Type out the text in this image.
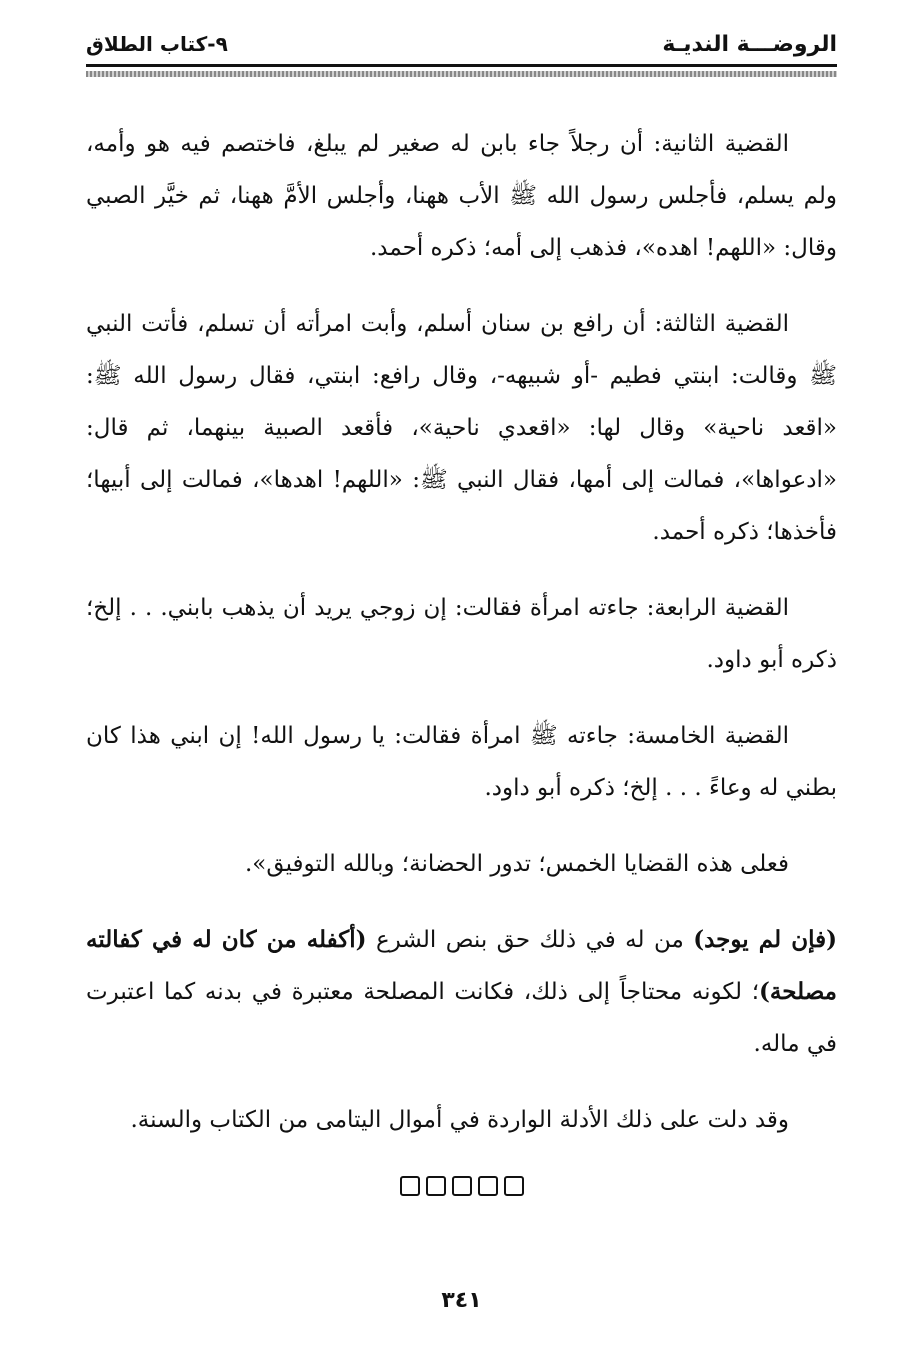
الروضـــة النديـة
٩-كتاب الطلاق

القضية الثانية: أن رجلاً جاء بابن له صغير لم يبلغ، فاختصم فيه هو وأمه، ولم يسلم، فأجلس رسول الله ﷺ الأب ههنا، وأجلس الأمَّ ههنا، ثم خيَّر الصبي وقال: «اللهم! اهده»، فذهب إلى أمه؛ ذكره أحمد.

القضية الثالثة: أن رافع بن سنان أسلم، وأبت امرأته أن تسلم، فأتت النبي ﷺ وقالت: ابنتي فطيم -أو شبيهه-، وقال رافع: ابنتي، فقال رسول الله ﷺ: «اقعد ناحية» وقال لها: «اقعدي ناحية»، فأقعد الصبية بينهما، ثم قال: «ادعواها»، فمالت إلى أمها، فقال النبي ﷺ: «اللهم! اهدها»، فمالت إلى أبيها؛ فأخذها؛ ذكره أحمد.

القضية الرابعة: جاءته امرأة فقالت: إن زوجي يريد أن يذهب بابني. . . إلخ؛ ذكره أبو داود.

القضية الخامسة: جاءته ﷺ امرأة فقالت: يا رسول الله! إن ابني هذا كان بطني له وعاءً . . . إلخ؛ ذكره أبو داود.

فعلى هذه القضايا الخمس؛ تدور الحضانة؛ وبالله التوفيق».

(فإن لم يوجد) من له في ذلك حق بنص الشرع (أكفله من كان له في كفالته مصلحة)؛ لكونه محتاجاً إلى ذلك، فكانت المصلحة معتبرة في بدنه كما اعتبرت في ماله.

وقد دلت على ذلك الأدلة الواردة في أموال اليتامى من الكتاب والسنة.

٣٤١
